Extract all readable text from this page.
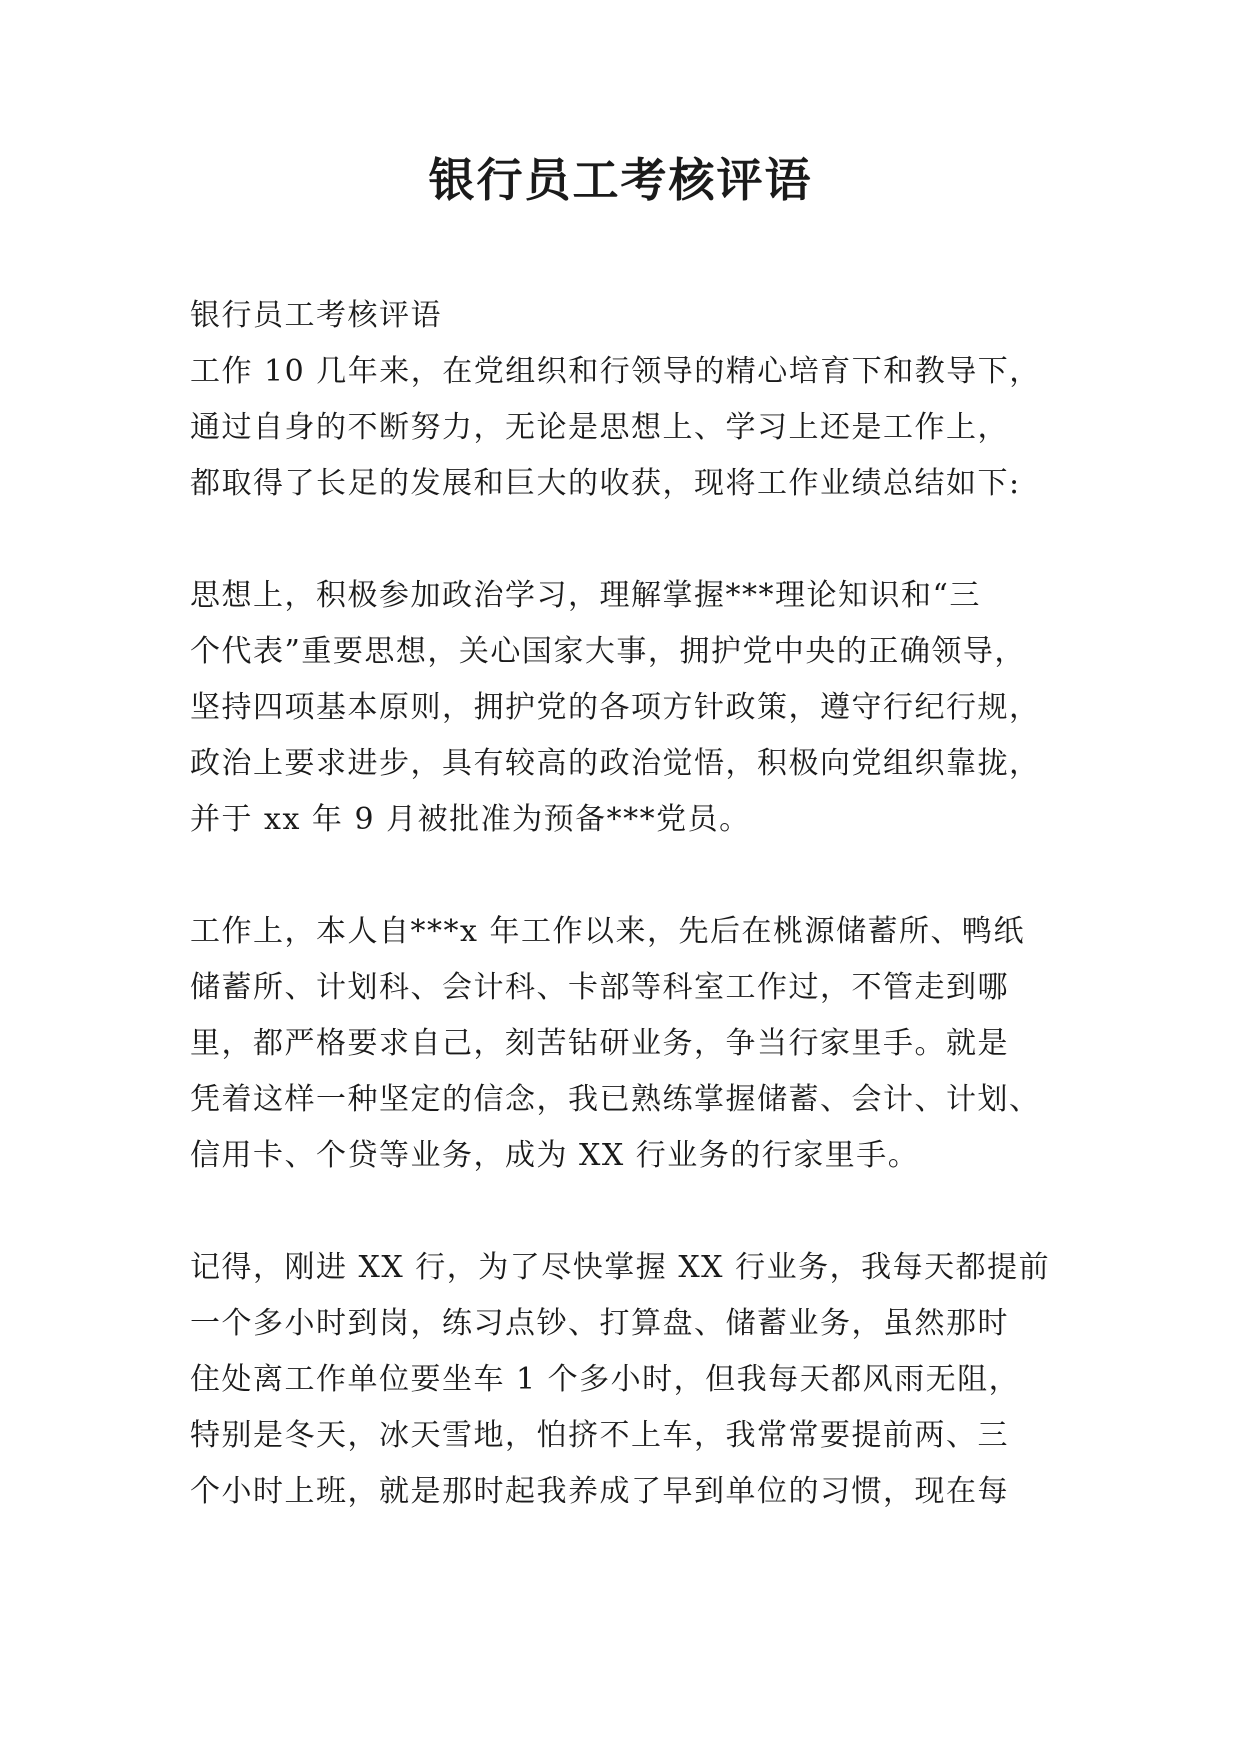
银行员工考核评语
银行员工考核评语
工作 10 几年来，在党组织和行领导的精心培育下和教导下，
通过自身的不断努力，无论是思想上、学习上还是工作上，
都取得了长足的发展和巨大的收获，现将工作业绩总结如下:
思想上，积极参加政治学习，理解掌握***理论知识和“三
个代表”重要思想，关心国家大事，拥护党中央的正确领导，
坚持四项基本原则，拥护党的各项方针政策，遵守行纪行规，
政治上要求进步，具有较高的政治觉悟，积极向党组织靠拢，
并于 xx 年 9 月被批准为预备***党员。
工作上，本人自***x 年工作以来，先后在桃源储蓄所、鸭纸
储蓄所、计划科、会计科、卡部等科室工作过，不管走到哪
里，都严格要求自己，刻苦钻研业务，争当行家里手。就是
凭着这样一种坚定的信念，我已熟练掌握储蓄、会计、计划、
信用卡、个贷等业务，成为 XX 行业务的行家里手。
记得，刚进 XX 行，为了尽快掌握 XX 行业务，我每天都提前
一个多小时到岗，练习点钞、打算盘、储蓄业务，虽然那时
住处离工作单位要坐车 1 个多小时，但我每天都风雨无阻，
特别是冬天，冰天雪地，怕挤不上车，我常常要提前两、三
个小时上班，就是那时起我养成了早到单位的习惯，现在每
